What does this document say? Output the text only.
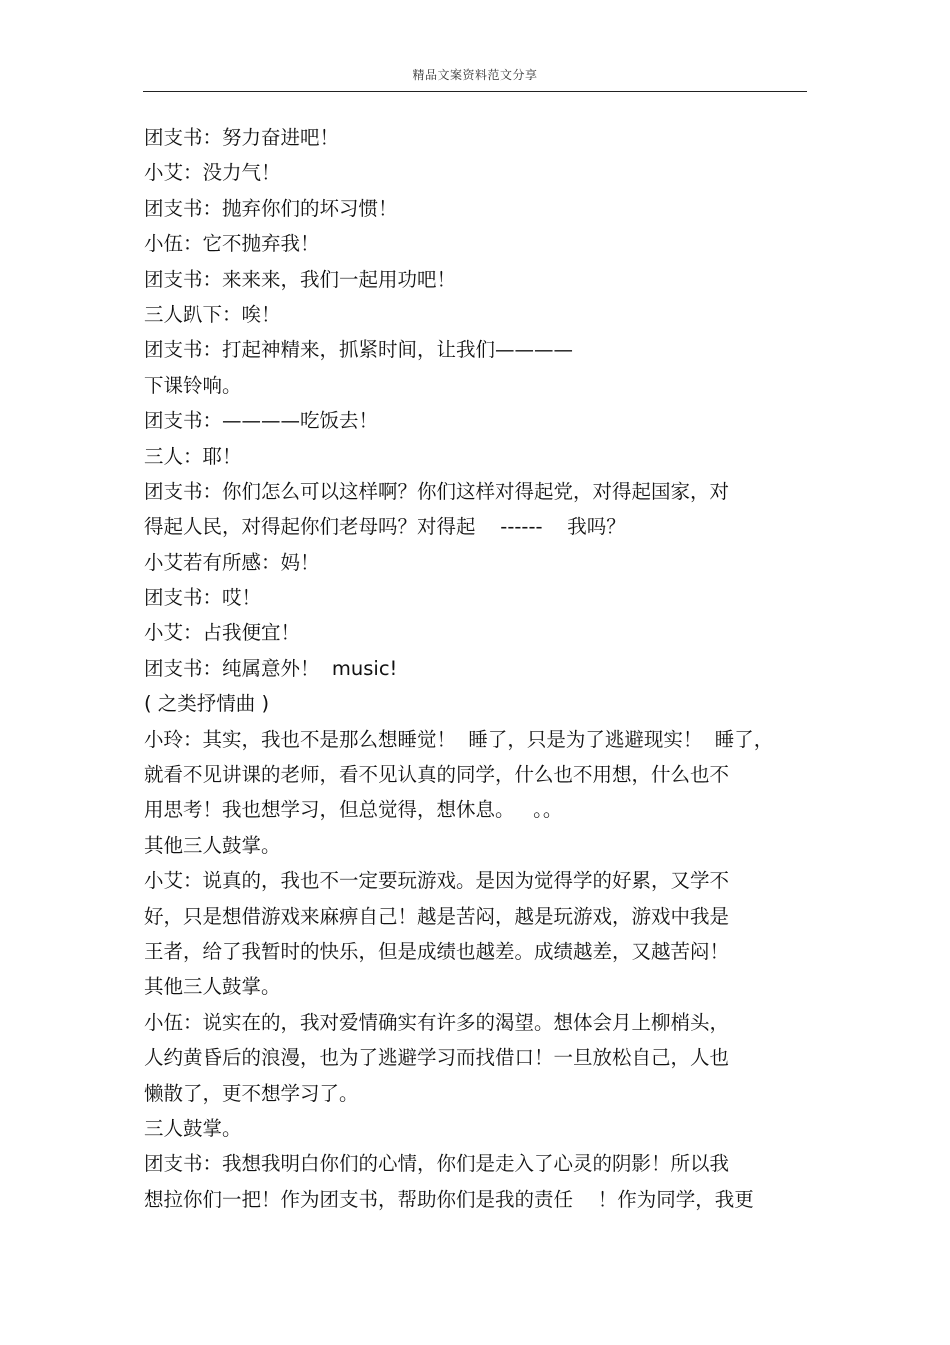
精品文案资料范文分享
团支书：努力奋进吧！
小艾：没力气！
团支书：抛弃你们的坏习惯！
小伍：它不抛弃我！
团支书：来来来，我们一起用功吧！
三人趴下：唉！
团支书：打起神精来，抓紧时间，让我们————
下课铃响。
团支书：————吃饭去！
三人：耶！
团支书：你们怎么可以这样啊？你们这样对得起党，对得起国家，对
得起人民，对得起你们老母吗？对得起    ------    我吗？
小艾若有所感：妈！
团支书：哎！
小艾：占我便宜！
团支书：纯属意外！  music!
( 之类抒情曲 )
小玲：其实，我也不是那么想睡觉！  睡了，只是为了逃避现实！  睡了，
就看不见讲课的老师，看不见认真的同学，什么也不用想，什么也不
用思考！我也想学习，但总觉得，想休息。   。。
其他三人鼓掌。
小艾：说真的，我也不一定要玩游戏。是因为觉得学的好累，又学不
好，只是想借游戏来麻痹自己！越是苦闷，越是玩游戏，游戏中我是
王者，给了我暂时的快乐，但是成绩也越差。成绩越差，又越苦闷！
其他三人鼓掌。
小伍：说实在的，我对爱情确实有许多的渴望。想体会月上柳梢头，
人约黄昏后的浪漫，也为了逃避学习而找借口！一旦放松自己，人也
懒散了，更不想学习了。
三人鼓掌。
团支书：我想我明白你们的心情，你们是走入了心灵的阴影！所以我
想拉你们一把！作为团支书，帮助你们是我的责任    ！作为同学，我更
